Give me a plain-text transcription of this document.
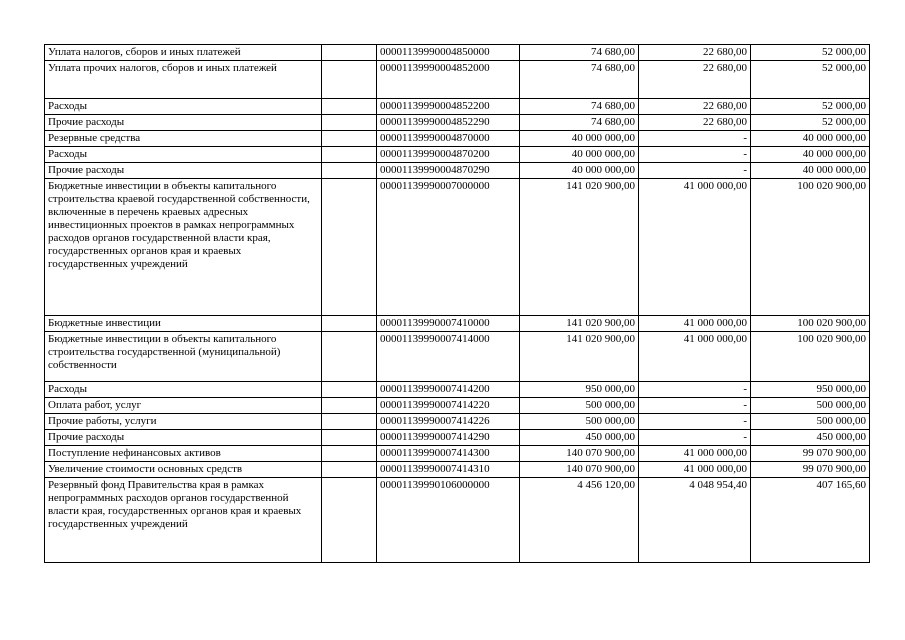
Уплата налогов, сборов и иных платежей		00001139990004850000	74 680,00	22 680,00	52 000,00
Уплата прочих налогов, сборов и иных платежей		00001139990004852000	74 680,00	22 680,00	52 000,00
Расходы		00001139990004852200	74 680,00	22 680,00	52 000,00
Прочие расходы		00001139990004852290	74 680,00	22 680,00	52 000,00
Резервные средства		00001139990004870000	40 000 000,00	-	40 000 000,00
Расходы		00001139990004870200	40 000 000,00	-	40 000 000,00
Прочие расходы		00001139990004870290	40 000 000,00	-	40 000 000,00
Бюджетные инвестиции в объекты капитального строительства краевой государственной собственности, включенные в перечень краевых адресных инвестиционных проектов в рамках непрограммных расходов органов государственной власти края, государственных органов края и краевых государственных учреждений		00001139990007000000	141 020 900,00	41 000 000,00	100 020 900,00
Бюджетные инвестиции		00001139990007410000	141 020 900,00	41 000 000,00	100 020 900,00
Бюджетные инвестиции в объекты капитального строительства государственной (муниципальной) собственности		00001139990007414000	141 020 900,00	41 000 000,00	100 020 900,00
Расходы		00001139990007414200	950 000,00	-	950 000,00
Оплата работ, услуг		00001139990007414220	500 000,00	-	500 000,00
Прочие работы, услуги		00001139990007414226	500 000,00	-	500 000,00
Прочие расходы		00001139990007414290	450 000,00	-	450 000,00
Поступление нефинансовых активов		00001139990007414300	140 070 900,00	41 000 000,00	99 070 900,00
Увеличение стоимости основных средств		00001139990007414310	140 070 900,00	41 000 000,00	99 070 900,00
Резервный фонд Правительства края в рамках непрограммных расходов органов государственной власти края, государственных органов края и краевых государственных учреждений		00001139990106000000	4 456 120,00	4 048 954,40	407 165,60
